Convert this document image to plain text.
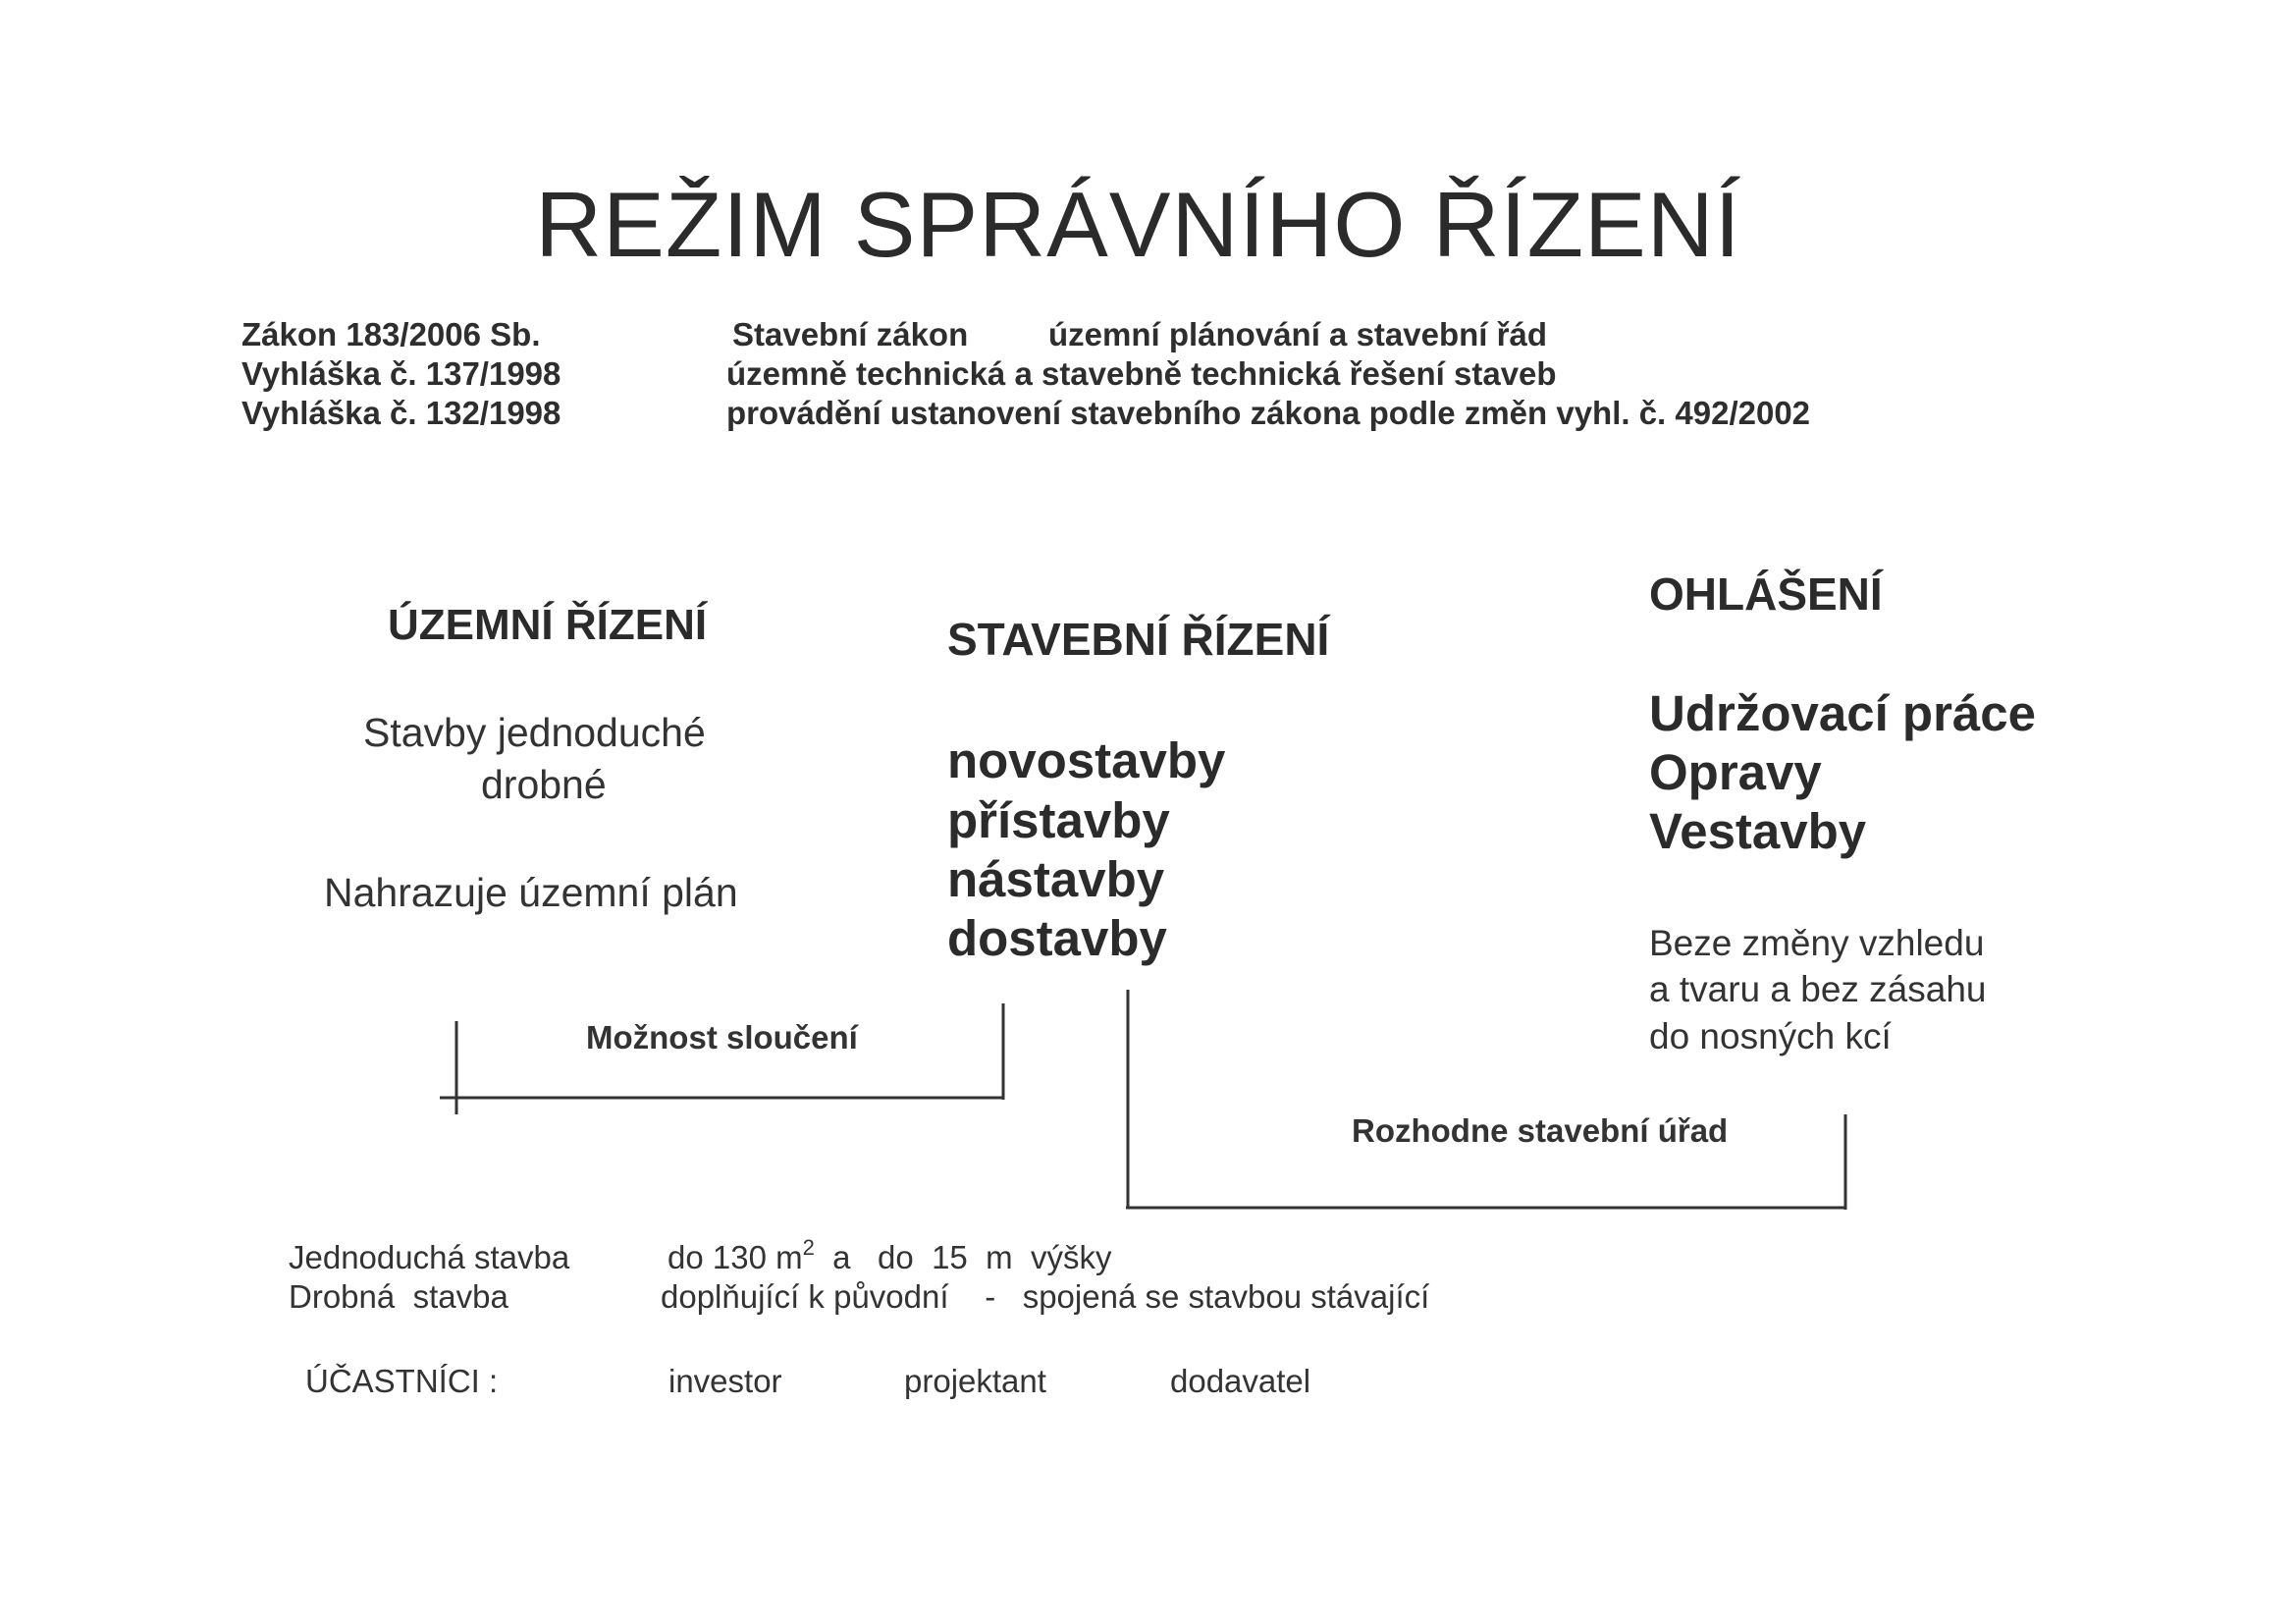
REŽIM SPRÁVNÍHO ŘÍZENÍ
Zákon 183/2006 Sb.	Stavební zákon územní plánování a stavební řád
Vyhláška č. 137/1998	územně technická a stavebně technická řešení staveb
Vyhláška č. 132/1998	provádění ustanovení stavebního zákona podle změn vyhl. č. 492/2002
ÚZEMNÍ ŘÍZENÍ
Stavby jednoduché
drobné
Nahrazuje územní plán
STAVEBNÍ ŘÍZENÍ
novostavby
přístavby
nástavby
dostavby
OHLÁŠENÍ
Udržovací práce
Opravy
Vestavby
Beze změny vzhledu
a tvaru a bez zásahu
do nosných kcí
Možnost sloučení
Rozhodne stavební úřad
Jednoduchá stavba	do 130 $m^2$  a   do  15  m  výšky
Drobná  stavba	doplňující k původní    -   spojená se stavbou stávající
ÚČASTNÍCI :	investor	projektant	dodavatel
